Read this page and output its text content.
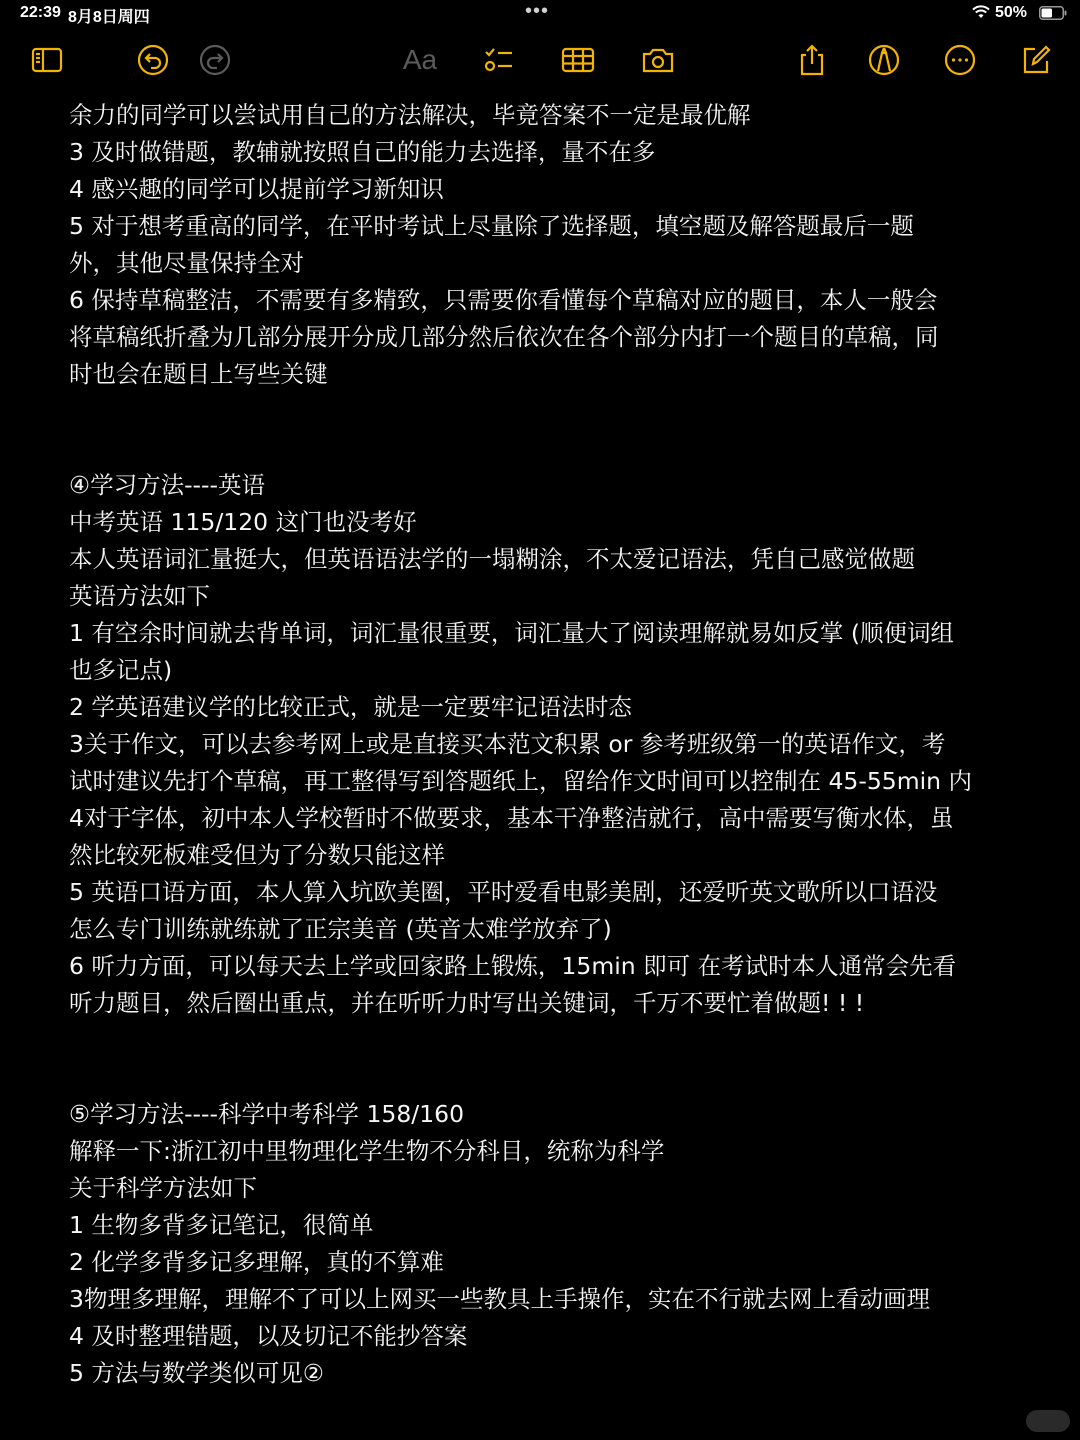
22:39 8月8日周四	•••	50%
Aa
余力的同学可以尝试用自己的方法解决，毕竟答案不一定是最优解
3 及时做错题，教辅就按照自己的能力去选择，量不在多
4 感兴趣的同学可以提前学习新知识
5 对于想考重高的同学，在平时考试上尽量除了选择题，填空题及解答题最后一题
外，其他尽量保持全对
6 保持草稿整洁，不需要有多精致，只需要你看懂每个草稿对应的题目，本人一般会
将草稿纸折叠为几部分展开分成几部分然后依次在各个部分内打一个题目的草稿，同
时也会在题目上写些关键
④学习方法----英语
中考英语 115/120 这门也没考好
本人英语词汇量挺大，但英语语法学的一塌糊涂，不太爱记语法，凭自己感觉做题
英语方法如下
1 有空余时间就去背单词，词汇量很重要，词汇量大了阅读理解就易如反掌 (顺便词组
也多记点)
2 学英语建议学的比较正式，就是一定要牢记语法时态
3关于作文，可以去参考网上或是直接买本范文积累 or 参考班级第一的英语作文，考
试时建议先打个草稿，再工整得写到答题纸上，留给作文时间可以控制在 45-55min 内
4对于字体，初中本人学校暂时不做要求，基本干净整洁就行，高中需要写衡水体，虽
然比较死板难受但为了分数只能这样
5 英语口语方面，本人算入坑欧美圈，平时爱看电影美剧，还爱听英文歌所以口语没
怎么专门训练就练就了正宗美音 (英音太难学放弃了)
6 听力方面，可以每天去上学或回家路上锻炼，15min 即可 在考试时本人通常会先看
听力题目，然后圈出重点，并在听听力时写出关键词，千万不要忙着做题! ! !
⑤学习方法----科学中考科学 158/160
解释一下:浙江初中里物理化学生物不分科目，统称为科学
关于科学方法如下
1 生物多背多记笔记，很简单
2 化学多背多记多理解，真的不算难
3物理多理解，理解不了可以上网买一些教具上手操作，实在不行就去网上看动画理
4 及时整理错题，以及切记不能抄答案
5 方法与数学类似可见②
